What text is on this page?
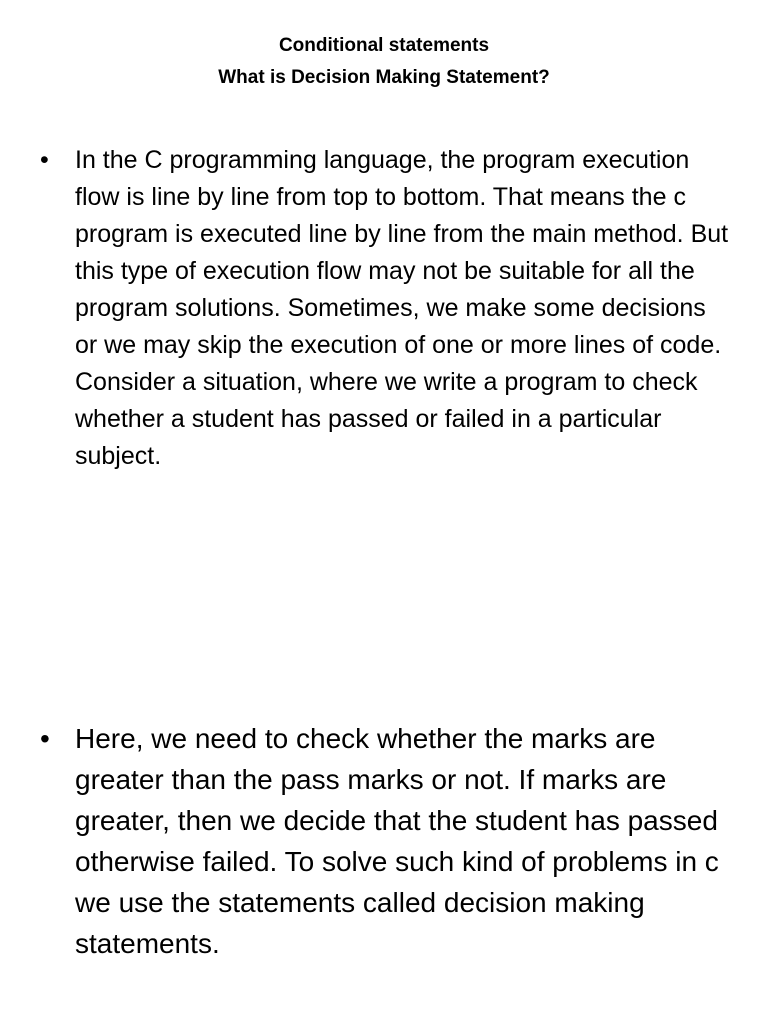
Conditional statements
What is Decision Making Statement?
• In the C programming language, the program execution flow is line by line from top to bottom. That means the c program is executed line by line from the main method. But this type of execution flow may not be suitable for all the program solutions. Sometimes, we make some decisions or we may skip the execution of one or more lines of code. Consider a situation, where we write a program to check whether a student has passed or failed in a particular subject.
• Here, we need to check whether the marks are greater than the pass marks or not. If marks are greater, then we decide that the student has passed otherwise failed. To solve such kind of problems in c we use the statements called decision making statements.
